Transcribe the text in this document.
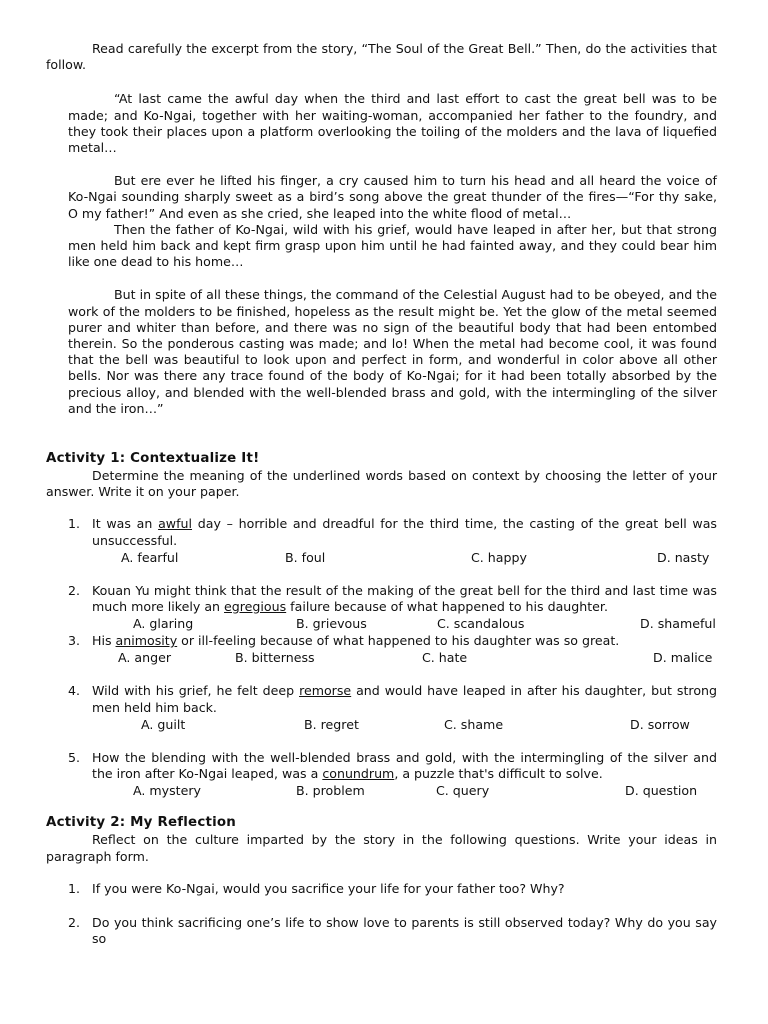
Read carefully the excerpt from the story, “The Soul of the Great Bell.” Then, do the activities that follow.

“At last came the awful day when the third and last effort to cast the great bell was to be made; and Ko-Ngai, together with her waiting-woman, accompanied her father to the foundry, and they took their places upon a platform overlooking the toiling of the molders and the lava of liquefied metal…

But ere ever he lifted his finger, a cry caused him to turn his head and all heard the voice of Ko-Ngai sounding sharply sweet as a bird’s song above the great thunder of the fires—“For thy sake, O my father!” And even as she cried, she leaped into the white flood of metal…

Then the father of Ko-Ngai, wild with his grief, would have leaped in after her, but that strong men held him back and kept firm grasp upon him until he had fainted away, and they could bear him like one dead to his home…

But in spite of all these things, the command of the Celestial August had to be obeyed, and the work of the molders to be finished, hopeless as the result might be. Yet the glow of the metal seemed purer and whiter than before, and there was no sign of the beautiful body that had been entombed therein. So the ponderous casting was made; and lo! When the metal had become cool, it was found that the bell was beautiful to look upon and perfect in form, and wonderful in color above all other bells. Nor was there any trace found of the body of Ko-Ngai; for it had been totally absorbed by the precious alloy, and blended with the well-blended brass and gold, with the intermingling of the silver and the iron…”

Activity 1: Contextualize It!

Determine the meaning of the underlined words based on context by choosing the letter of your answer. Write it on your paper.

1. It was an awful day – horrible and dreadful for the third time, the casting of the great bell was unsuccessful.
A. fearful	B. foul	C. happy	D. nasty
2. Kouan Yu might think that the result of the making of the great bell for the third and last time was much more likely an egregious failure because of what happened to his daughter.
A. glaring	B. grievous	C. scandalous	D. shameful
3. His animosity or ill-feeling because of what happened to his daughter was so great.
A. anger	B. bitterness	C. hate	D. malice
4. Wild with his grief, he felt deep remorse and would have leaped in after his daughter, but strong men held him back.
A. guilt	B. regret	C. shame	D. sorrow
5. How the blending with the well-blended brass and gold, with the intermingling of the silver and the iron after Ko-Ngai leaped, was a conundrum, a puzzle that's difficult to solve.
A. mystery	B. problem	C. query	D. question
Activity 2: My Reflection

Reflect on the culture imparted by the story in the following questions. Write your ideas in paragraph form.

1. If you were Ko-Ngai, would you sacrifice your life for your father too? Why?
2. Do you think sacrificing one’s life to show love to parents is still observed today? Why do you say so
